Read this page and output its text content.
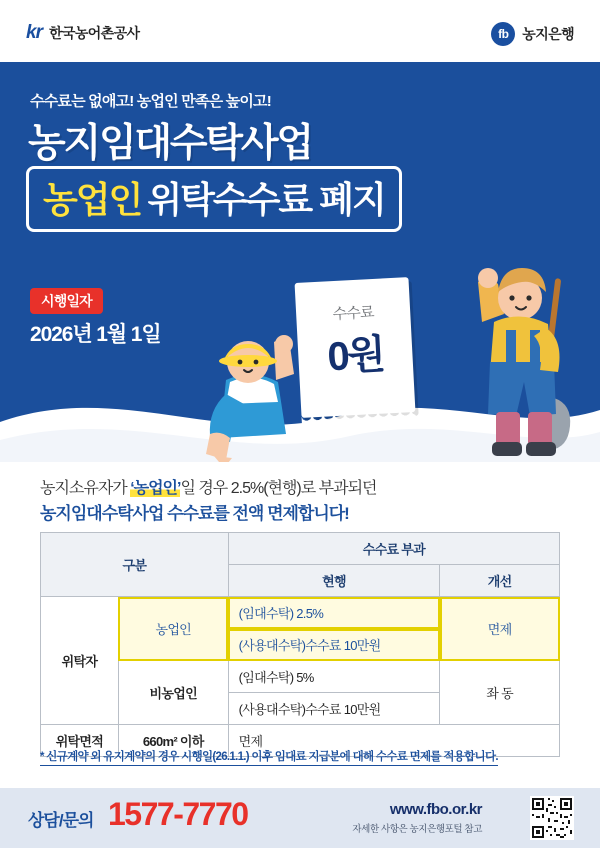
kr 한국농어촌공사	fb 농지은행
수수료는 없애고! 농업인 만족은 높이고!
농지임대수탁사업
농업인 위탁수수료 폐지
시행일자
2026년 1월 1일
수수료
0원
농지소유자가 ‘농업인’일 경우 2.5%(현행)로 부과되던
농지임대수탁사업 수수료를 전액 면제합니다!
구분		수수료 부과	
		현행	개선
위탁자	농업인	(임대수탁) 2.5%	면제
		(사용대수탁)수수료 10만원	
	비농업인	(임대수탁) 5%	좌 동
		(사용대수탁)수수료 10만원	
위탁면적	660m² 이하	면제	
* 신규계약 외 유지계약의 경우 시행일(26.1.1.) 이후 임대료 지급분에 대해 수수료 면제를 적용합니다.
상담/문의 1577-7770	www.fbo.or.kr
자세한 사항은 농지은행포털 참고
